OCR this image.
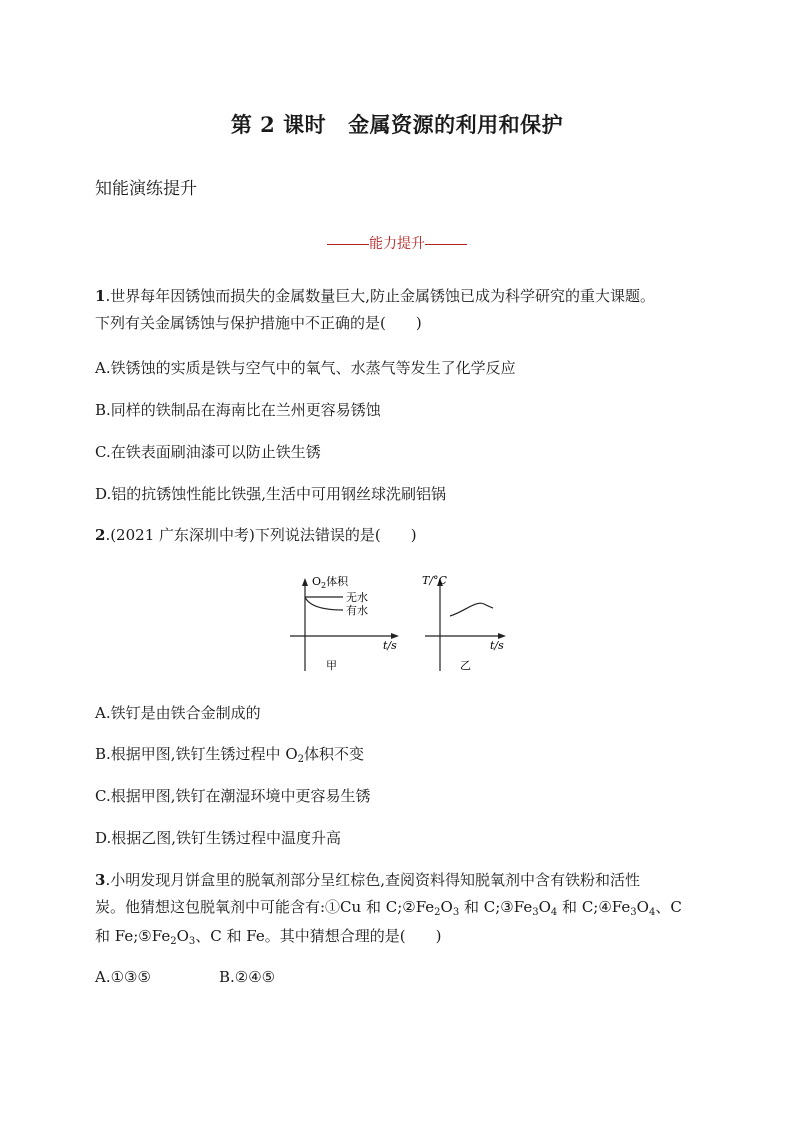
第 2 课时 金属资源的利用和保护
知能演练提升
能力提升
1.世界每年因锈蚀而损失的金属数量巨大,防止金属锈蚀已成为科学研究的重大课题。
下列有关金属锈蚀与保护措施中不正确的是(　　)
A.铁锈蚀的实质是铁与空气中的氧气、水蒸气等发生了化学反应
B.同样的铁制品在海南比在兰州更容易锈蚀
C.在铁表面刷油漆可以防止铁生锈
D.铝的抗锈蚀性能比铁强,生活中可用钢丝球洗刷铝锅
2.(2021 广东深圳中考)下列说法错误的是(　　)
$O_2$体积
无水
有水
t/s
甲
T/°C
t/s
乙
A.铁钉是由铁合金制成的
B.根据甲图,铁钉生锈过程中 $O_2$体积不变
C.根据甲图,铁钉在潮湿环境中更容易生锈
D.根据乙图,铁钉生锈过程中温度升高
3.小明发现月饼盒里的脱氧剂部分呈红棕色,查阅资料得知脱氧剂中含有铁粉和活性
炭。他猜想这包脱氧剂中可能含有:①Cu 和 $C;②Fe_2O_3$ 和 $C;③Fe_3O_4$ 和 $C;④Fe_3O_4$、C
和 $Fe;⑤Fe_2O_3$、C 和 Fe。其中猜想合理的是(　　)
A.①③⑤	B.②④⑤
